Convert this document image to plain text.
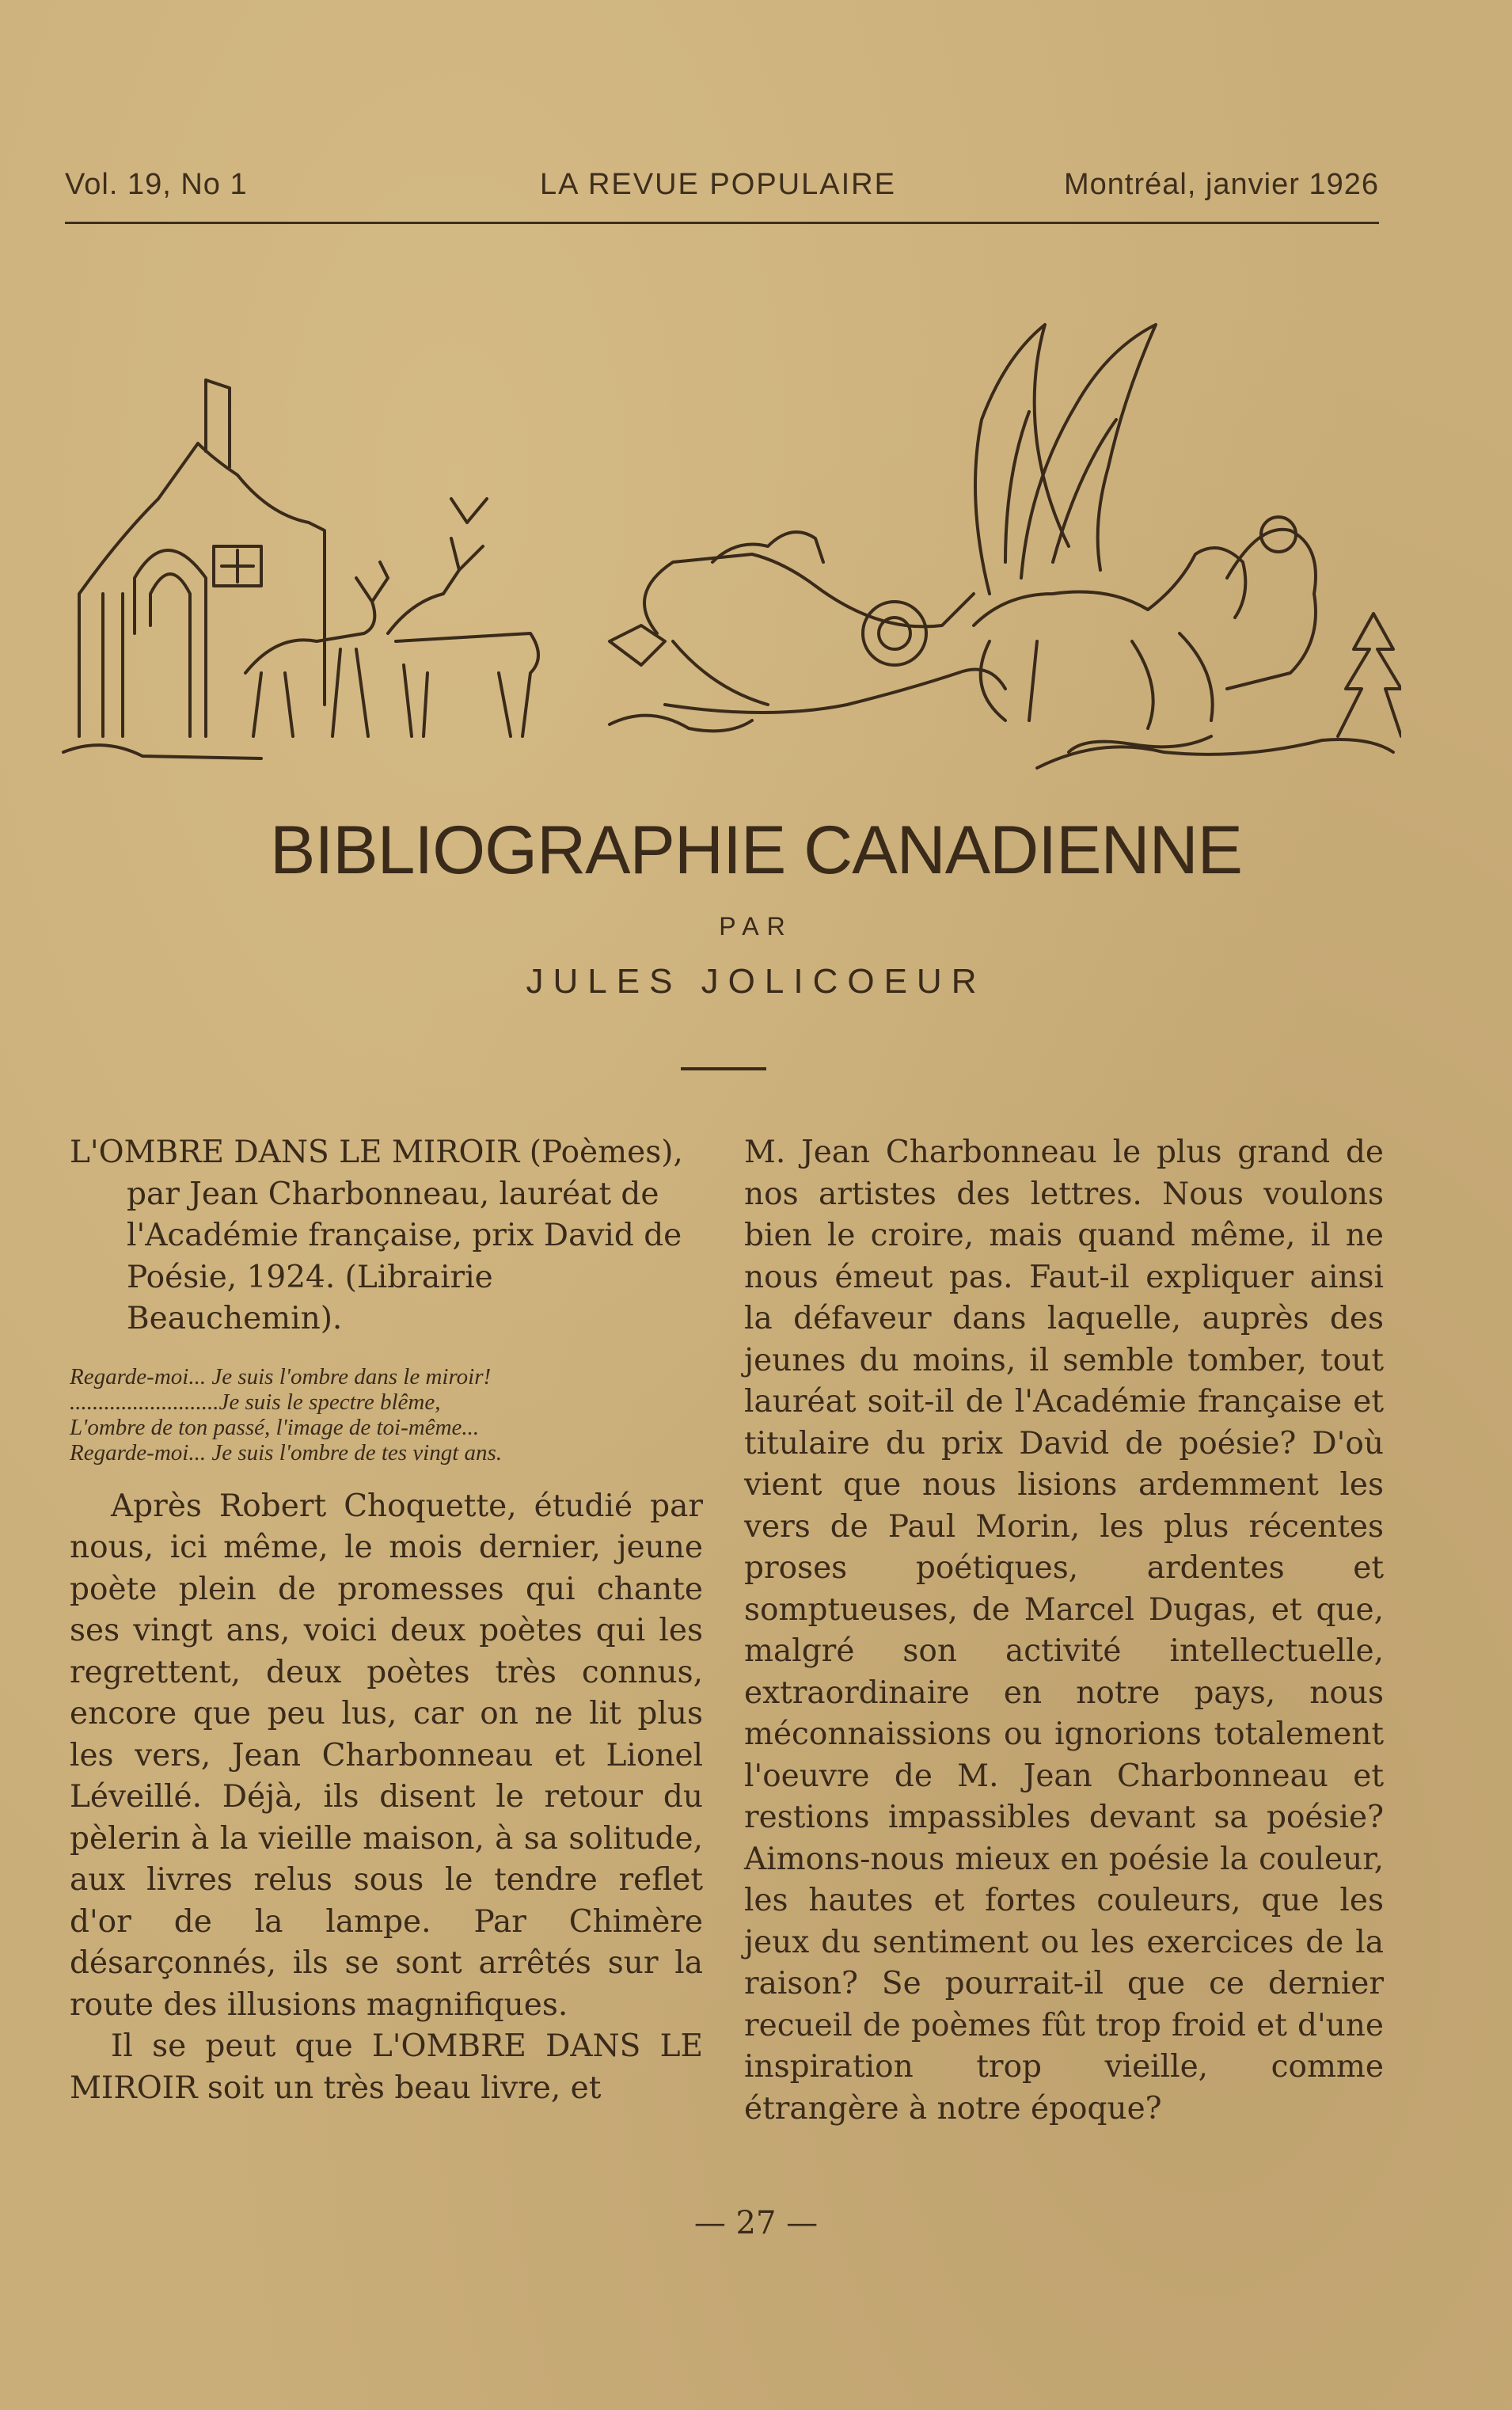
Vol. 19, No 1	LA REVUE POPULAIRE	Montréal, janvier 1926
BIBLIOGRAPHIE CANADIENNE
PAR
JULES JOLICOEUR

L'OMBRE DANS LE MIROIR (Poèmes), par Jean Charbonneau, lauréat de l'Académie française, prix David de Poésie, 1924. (Librairie Beauchemin).

Regarde-moi... Je suis l'ombre dans le miroir!
..........................Je suis le spectre blême,
L'ombre de ton passé, l'image de toi-même...
Regarde-moi... Je suis l'ombre de tes vingt ans.

Après Robert Choquette, étudié par nous, ici même, le mois dernier, jeune poète plein de promesses qui chante ses vingt ans, voici deux poètes qui les regrettent, deux poètes très connus, encore que peu lus, car on ne lit plus les vers, Jean Charbonneau et Lionel Léveillé. Déjà, ils disent le retour du pèlerin à la vieille maison, à sa solitude, aux livres relus sous le tendre reflet d'or de la lampe. Par Chimère désarçonnés, ils se sont arrêtés sur la route des illusions magnifiques.

Il se peut que L'OMBRE DANS LE MIROIR soit un très beau livre, et

M. Jean Charbonneau le plus grand de nos artistes des lettres. Nous voulons bien le croire, mais quand même, il ne nous émeut pas. Faut-il expliquer ainsi la défaveur dans laquelle, auprès des jeunes du moins, il semble tomber, tout lauréat soit-il de l'Académie française et titulaire du prix David de poésie? D'où vient que nous lisions ardemment les vers de Paul Morin, les plus récentes proses poétiques, ardentes et somptueuses, de Marcel Dugas, et que, malgré son activité intellectuelle, extraordinaire en notre pays, nous méconnaissions ou ignorions totalement l'oeuvre de M. Jean Charbonneau et restions impassibles devant sa poésie? Aimons-nous mieux en poésie la couleur, les hautes et fortes couleurs, que les jeux du sentiment ou les exercices de la raison? Se pourrait-il que ce dernier recueil de poèmes fût trop froid et d'une inspiration trop vieille, comme étrangère à notre époque?

— 27 —
